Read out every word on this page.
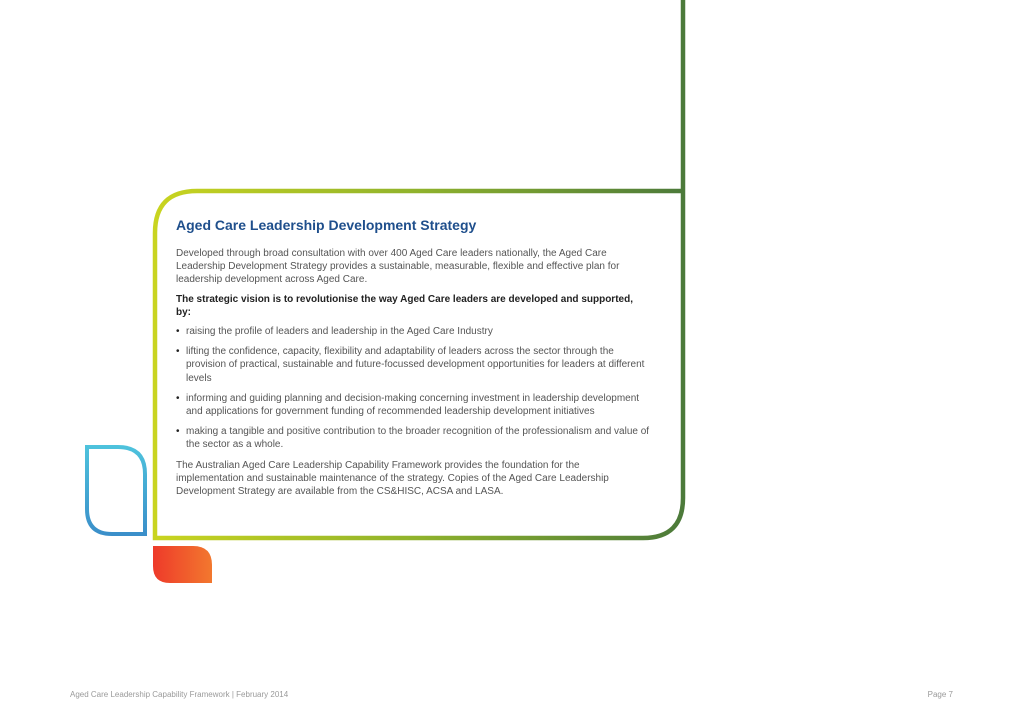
Aged Care Leadership Development Strategy

Developed through broad consultation with over 400 Aged Care leaders nationally, the Aged Care Leadership Development Strategy provides a sustainable, measurable, flexible and effective plan for leadership development across Aged Care.

The strategic vision is to revolutionise the way Aged Care leaders are developed and supported, by:

• raising the profile of leaders and leadership in the Aged Care Industry
• lifting the confidence, capacity, flexibility and adaptability of leaders across the sector through the provision of practical, sustainable and future-focussed development opportunities for leaders at different levels
• informing and guiding planning and decision-making concerning investment in leadership development and applications for government funding of recommended leadership development initiatives
• making a tangible and positive contribution to the broader recognition of the professionalism and value of the sector as a whole.

The Australian Aged Care Leadership Capability Framework provides the foundation for the implementation and sustainable maintenance of the strategy. Copies of the Aged Care Leadership Development Strategy are available from the CS&HISC, ACSA and LASA.

Aged Care Leadership Capability Framework | February 2014	Page 7
